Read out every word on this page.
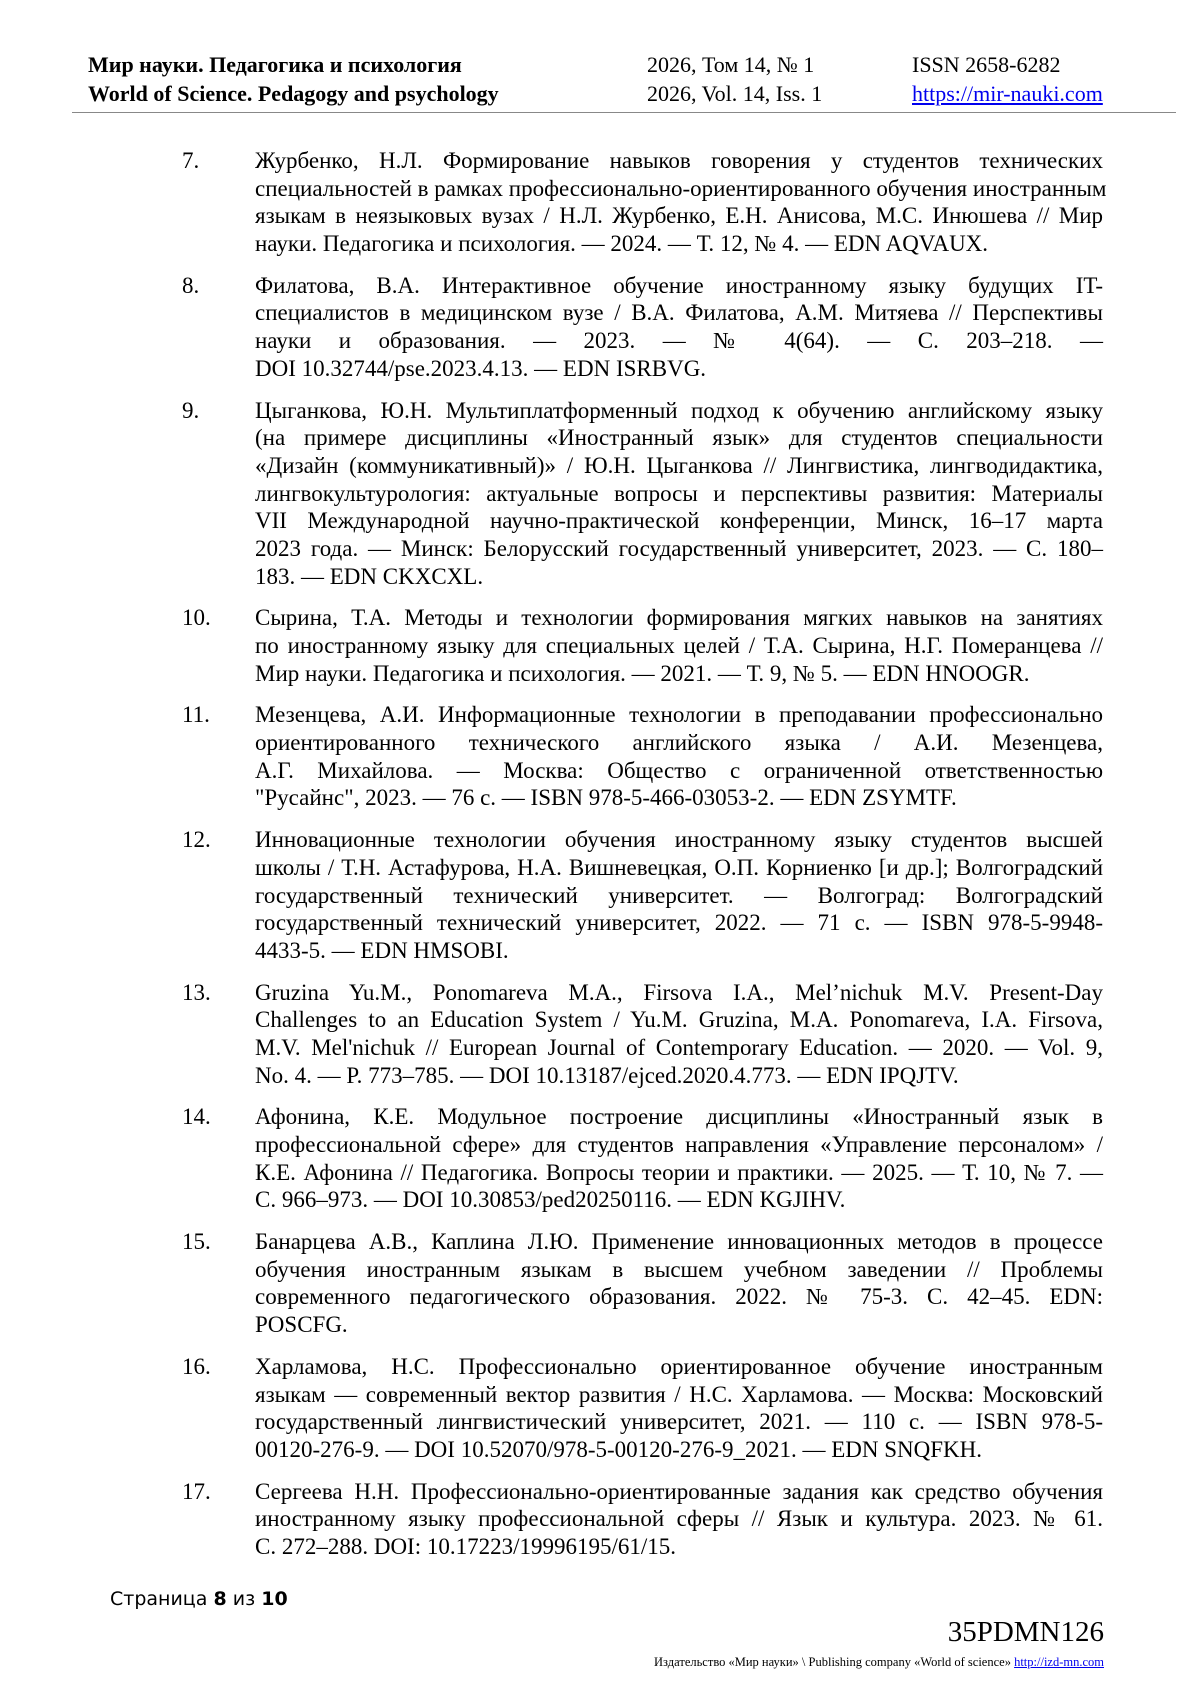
Мир науки. Педагогика и психология
World of Science. Pedagogy and psychology
2026, Том 14, № 1
2026, Vol. 14, Iss. 1
ISSN 2658-6282
https://mir-nauki.com
7. Журбенко, Н.Л. Формирование навыков говорения у студентов технических
специальностей в рамках профессионально-ориентированного обучения иностранным
языкам в неязыковых вузах / Н.Л. Журбенко, Е.Н. Анисова, М.С. Инюшева // Мир
науки. Педагогика и психология. — 2024. — Т. 12, № 4. — EDN AQVAUX.
8. Филатова, В.А. Интерактивное обучение иностранному языку будущих IT-
специалистов в медицинском вузе / В.А. Филатова, А.М. Митяева // Перспективы
науки и образования. — 2023. — № 4(64). — С. 203–218. —
DOI 10.32744/pse.2023.4.13. — EDN ISRBVG.
9. Цыганкова, Ю.Н. Мультиплатформенный подход к обучению английскому языку
(на примере дисциплины «Иностранный язык» для студентов специальности
«Дизайн (коммуникативный)» / Ю.Н. Цыганкова // Лингвистика, лингводидактика,
лингвокультурология: актуальные вопросы и перспективы развития: Материалы
VII Международной научно-практической конференции, Минск, 16–17 марта
2023 года. — Минск: Белорусский государственный университет, 2023. — С. 180–
183. — EDN CKXCXL.
10. Сырина, Т.А. Методы и технологии формирования мягких навыков на занятиях
по иностранному языку для специальных целей / Т.А. Сырина, Н.Г. Померанцева //
Мир науки. Педагогика и психология. — 2021. — Т. 9, № 5. — EDN HNOOGR.
11. Мезенцева, А.И. Информационные технологии в преподавании профессионально
ориентированного технического английского языка / А.И. Мезенцева,
А.Г. Михайлова. — Москва: Общество с ограниченной ответственностью
"Русайнс", 2023. — 76 с. — ISBN 978-5-466-03053-2. — EDN ZSYMTF.
12. Инновационные технологии обучения иностранному языку студентов высшей
школы / Т.Н. Астафурова, Н.А. Вишневецкая, О.П. Корниенко [и др.]; Волгоградский
государственный технический университет. — Волгоград: Волгоградский
государственный технический университет, 2022. — 71 с. — ISBN 978-5-9948-
4433-5. — EDN HMSOBI.
13. Gruzina Yu.M., Ponomareva M.A., Firsova I.A., Mel’nichuk M.V. Present-Day
Challenges to an Education System / Yu.M. Gruzina, M.A. Ponomareva, I.A. Firsova,
M.V. Mel'nichuk // European Journal of Contemporary Education. — 2020. — Vol. 9,
No. 4. — P. 773–785. — DOI 10.13187/ejced.2020.4.773. — EDN IPQJTV.
14. Афонина, К.Е. Модульное построение дисциплины «Иностранный язык в
профессиональной сфере» для студентов направления «Управление персоналом» /
К.Е. Афонина // Педагогика. Вопросы теории и практики. — 2025. — Т. 10, № 7. —
С. 966–973. — DOI 10.30853/ped20250116. — EDN KGJIHV.
15. Банарцева А.В., Каплина Л.Ю. Применение инновационных методов в процессе
обучения иностранным языкам в высшем учебном заведении // Проблемы
современного педагогического образования. 2022. № 75-3. С. 42–45. EDN:
POSCFG.
16. Харламова, Н.С. Профессионально ориентированное обучение иностранным
языкам — современный вектор развития / Н.С. Харламова. — Москва: Московский
государственный лингвистический университет, 2021. — 110 с. — ISBN 978-5-
00120-276-9. — DOI 10.52070/978-5-00120-276-9_2021. — EDN SNQFKH.
17. Сергеева Н.Н. Профессионально-ориентированные задания как средство обучения
иностранному языку профессиональной сферы // Язык и культура. 2023. № 61.
С. 272–288. DOI: 10.17223/19996195/61/15.
Страница 8 из 10
35PDMN126
Издательство «Мир науки» \ Publishing company «World of science» http://izd-mn.com
